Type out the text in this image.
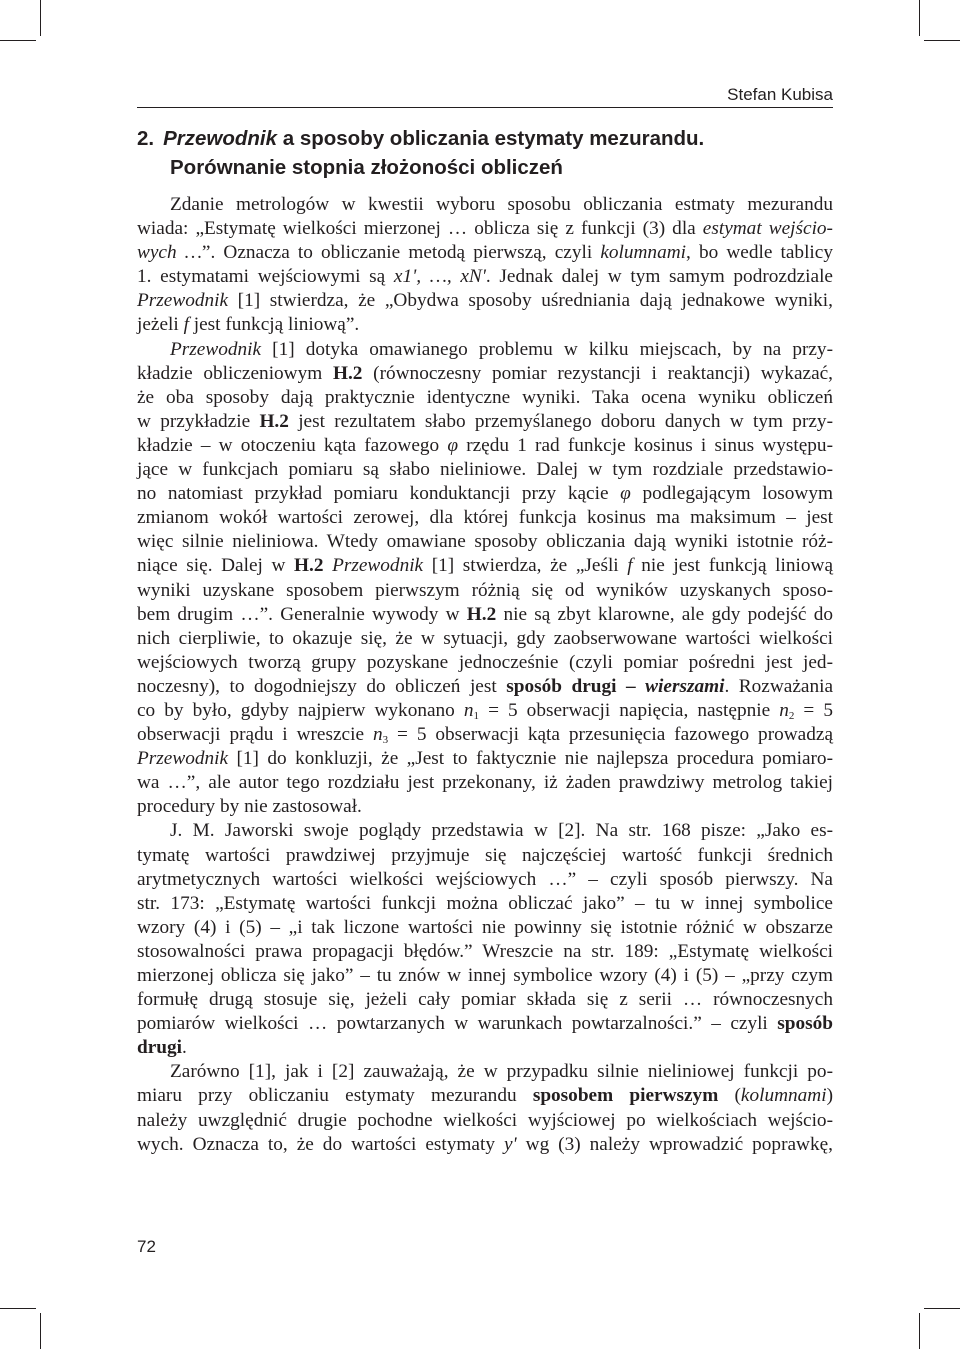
Stefan Kubisa
2. Przewodnik a sposoby obliczania estymaty mezurandu.
Porównanie stopnia złożoności obliczeń
Zdanie metrologów w kwestii wyboru sposobu obliczania estmaty mezurandu
wiada: „Estymatę wielkości mierzonej … oblicza się z funkcji (3) dla estymat wejścio-
wych …”. Oznacza to obliczanie metodą pierwszą, czyli kolumnami, bo wedle tablicy
1. estymatami wejściowymi są x1', …, xN'. Jednak dalej w tym samym podrozdziale
Przewodnik [1] stwierdza, że „Obydwa sposoby uśredniania dają jednakowe wyniki,
jeżeli f jest funkcją liniową”.
Przewodnik [1] dotyka omawianego problemu w kilku miejscach, by na przy-
kładzie obliczeniowym H.2 (równoczesny pomiar rezystancji i reaktancji) wykazać,
że oba sposoby dają praktycznie identyczne wyniki. Taka ocena wyniku obliczeń
w przykładzie H.2 jest rezultatem słabo przemyślanego doboru danych w tym przy-
kładzie – w otoczeniu kąta fazowego φ rzędu 1 rad funkcje kosinus i sinus występu-
jące w funkcjach pomiaru są słabo nieliniowe. Dalej w tym rozdziale przedstawio-
no natomiast przykład pomiaru konduktancji przy kącie φ podlegającym losowym
zmianom wokół wartości zerowej, dla której funkcja kosinus ma maksimum – jest
więc silnie nieliniowa. Wtedy omawiane sposoby obliczania dają wyniki istotnie róż-
niące się. Dalej w H.2 Przewodnik [1] stwierdza, że „Jeśli f nie jest funkcją liniową
wyniki uzyskane sposobem pierwszym różnią się od wyników uzyskanych sposo-
bem drugim …”. Generalnie wywody w H.2 nie są zbyt klarowne, ale gdy podejść do
nich cierpliwie, to okazuje się, że w sytuacji, gdy zaobserwowane wartości wielkości
wejściowych tworzą grupy pozyskane jednocześnie (czyli pomiar pośredni jest jed-
noczesny), to dogodniejszy do obliczeń jest sposób drugi – wierszami. Rozważania
co by było, gdyby najpierw wykonano $n_1 = 5$ obserwacji napięcia, następnie $n_2 = 5$
obserwacji prądu i wreszcie $n_3 = 5$ obserwacji kąta przesunięcia fazowego prowadzą
Przewodnik [1] do konkluzji, że „Jest to faktycznie nie najlepsza procedura pomiaro-
wa …”, ale autor tego rozdziału jest przekonany, iż żaden prawdziwy metrolog takiej
procedury by nie zastosował.
J. M. Jaworski swoje poglądy przedstawia w [2]. Na str. 168 pisze: „Jako es-
tymatę wartości prawdziwej przyjmuje się najczęściej wartość funkcji średnich
arytmetycznych wartości wielkości wejściowych …” – czyli sposób pierwszy. Na
str. 173: „Estymatę wartości funkcji można obliczać jako” – tu w innej symbolice
wzory (4) i (5) – „i tak liczone wartości nie powinny się istotnie różnić w obszarze
stosowalności prawa propagacji błędów.” Wreszcie na str. 189: „Estymatę wielkości
mierzonej oblicza się jako” – tu znów w innej symbolice wzory (4) i (5) – „przy czym
formułę drugą stosuje się, jeżeli cały pomiar składa się z serii … równoczesnych
pomiarów wielkości … powtarzanych w warunkach powtarzalności.” – czyli sposób
drugi.
Zarówno [1], jak i [2] zauważają, że w przypadku silnie nieliniowej funkcji po-
miaru przy obliczaniu estymaty mezurandu sposobem pierwszym (kolumnami)
należy uwzględnić drugie pochodne wielkości wyjściowej po wielkościach wejścio-
wych. Oznacza to, że do wartości estymaty y' wg (3) należy wprowadzić poprawkę,
72
